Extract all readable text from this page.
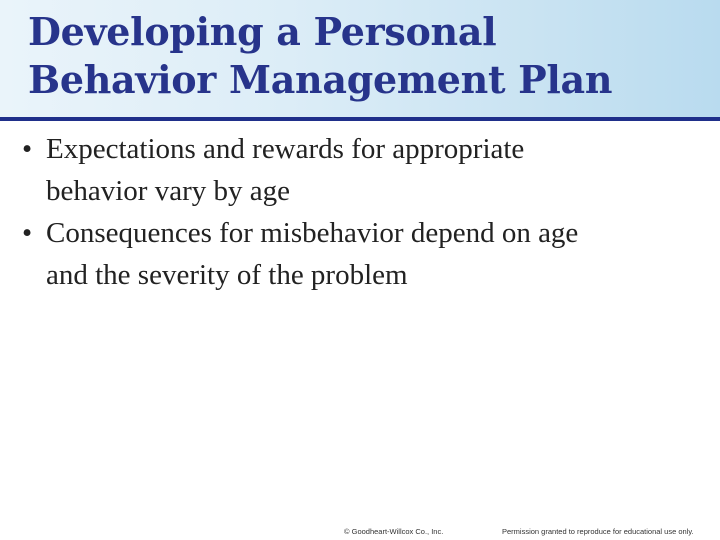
Developing a Personal
Behavior Management Plan
• Expectations and rewards for appropriate
behavior vary by age
• Consequences for misbehavior depend on age
and the severity of the problem
© Goodheart-Willcox Co., Inc.	Permission granted to reproduce for educational use only.
